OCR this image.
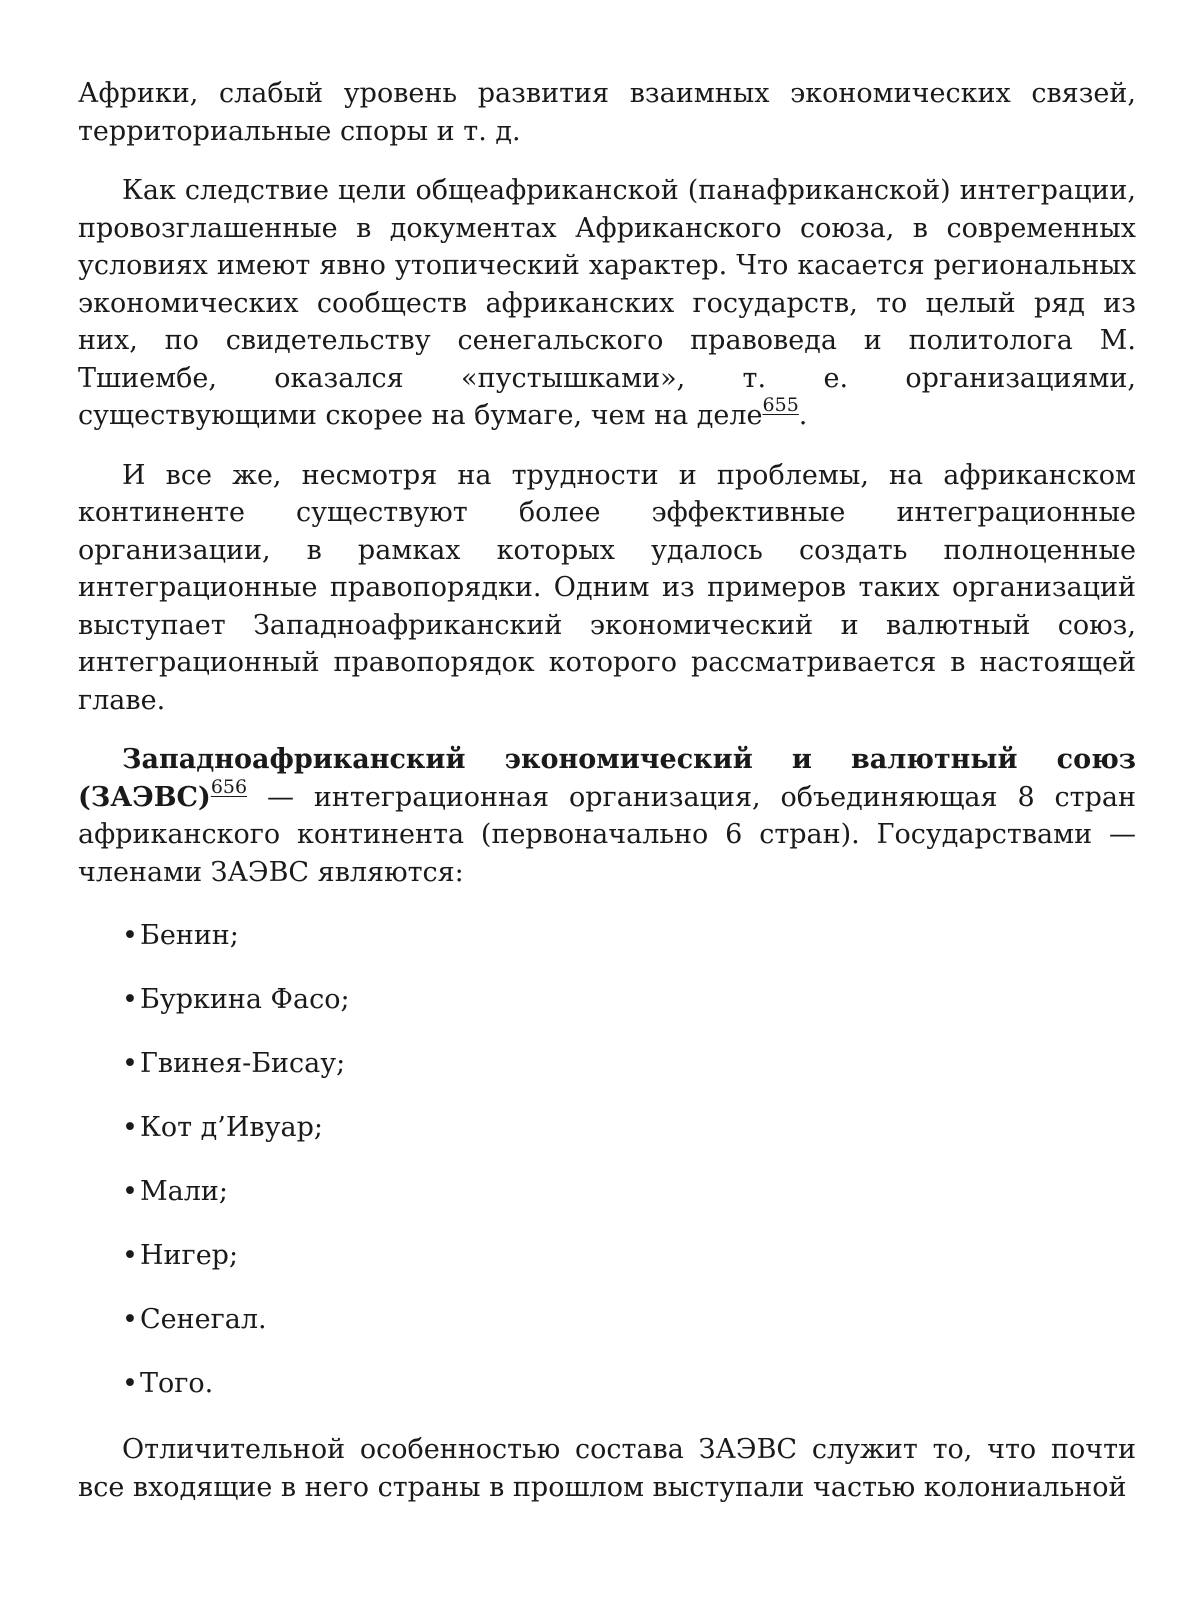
Африки, слабый уровень развития взаимных экономических связей, территориальные споры и т. д.

Как следствие цели общеафриканской (панафриканской) интеграции, провозглашенные в документах Африканского союза, в современных условиях имеют явно утопический характер. Что касается региональных экономических сообществ африканских государств, то целый ряд из них, по свидетельству сенегальского правоведа и политолога М. Тшиембе, оказался «пустышками», т. е. организациями, существующими скорее на бумаге, чем на деле$^{655}$.

И все же, несмотря на трудности и проблемы, на африканском континенте существуют более эффективные интеграционные организации, в рамках которых удалось создать полноценные интеграционные правопорядки. Одним из примеров таких организаций выступает Западноафриканский экономический и валютный союз, интеграционный правопорядок которого рассматривается в настоящей главе.

Западноафриканский экономический и валютный союз (ЗАЭВС)$^{656}$ — интеграционная организация, объединяющая 8 стран африканского континента (первоначально 6 стран). Государствами — членами ЗАЭВС являются:

•Бенин;
•Буркина Фасо;
•Гвинея-Бисау;
•Кот д’Ивуар;
•Мали;
•Нигер;
•Сенегал.
•Того.

Отличительной особенностью состава ЗАЭВС служит то, что почти все входящие в него страны в прошлом выступали частью колониальной
